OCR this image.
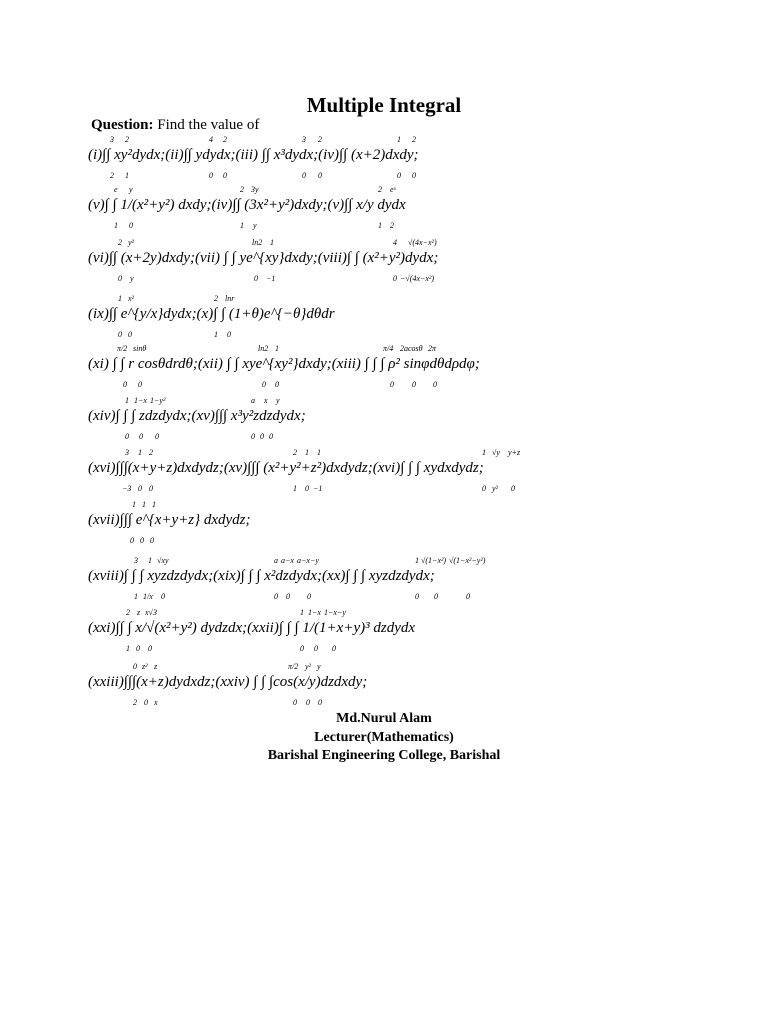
Multiple Integral
Question: Find the value of
(i)∫∫ xy²dydx;(ii)∫∫ ydydx;(iii) ∫∫ x³dydx;(iv)∫∫ (x+2)dxdy;
3 2	4 2	3 2	1 2
2 1	0 0	0 0	0 0
(v)∫ ∫ 1/(x²+y²) dxdy;(iv)∫∫ (3x²+y²)dxdy;(v)∫∫ x/y dydx
e y	2 3y	2 eˣ
1 0	1 y	1 2
(vi)∫∫ (x+2y)dxdy;(vii) ∫ ∫ ye^{xy}dxdy;(viii)∫ ∫ (x²+y²)dydx;
2 y²	ln2 1	4 √(4x−x²)
0 y	0 −1	0 −√(4x−x²)
(ix)∫∫ e^{y/x}dydx;(x)∫ ∫ (1+θ)e^{−θ}dθdr
1 x²	2 lnr
0 0	1 0
(xi) ∫ ∫ r cosθdrdθ;(xii) ∫ ∫ xye^{xy²}dxdy;(xiii) ∫ ∫ ∫ ρ² sinφdθdρdφ;
π/2 sinθ	ln2 1	π/4 2acosθ 2π
0 0	0 0	0 0 0
(xiv)∫ ∫ ∫ zdzdydx;(xv)∫∫∫ x³y²zdzdydx;
1 1−x 1−y²	a x y
0 0 0	0 0 0
(xvi)∫∫∫(x+y+z)dxdydz;(xv)∫∫∫ (x²+y²+z²)dxdydz;(xvi)∫ ∫ ∫ xydxdydz;
3 1 2	2 1 1	1 √y y+z
−3 0 0	1 0 −1	0 y² 0
(xvii)∫∫∫ e^{x+y+z} dxdydz;
1 1 1
0 0 0
(xviii)∫ ∫ ∫ xyzdzdydx;(xix)∫ ∫ ∫ x²dzdydx;(xx)∫ ∫ ∫ xyzdzdydx;
3 1 √xy	a a−x a−x−y	1 √(1−x²) √(1−x²−y²)
1 1/x 0	0 0 0	0 0	0
(xxi)∫∫ ∫ x/√(x²+y²) dydzdx;(xxii)∫ ∫ ∫ 1/(1+x+y)³ dzdydx
2 z x√3	1 1−x 1−x−y
1 0 0	0 0 0
(xxiii)∫∫∫(x+z)dydxdz;(xxiv) ∫ ∫ ∫cos(x/y)dzdxdy;
0 z² z	π/2 y² y
2 0 x	0 0 0
Md.Nurul Alam
Lecturer(Mathematics)
Barishal Engineering College, Barishal
